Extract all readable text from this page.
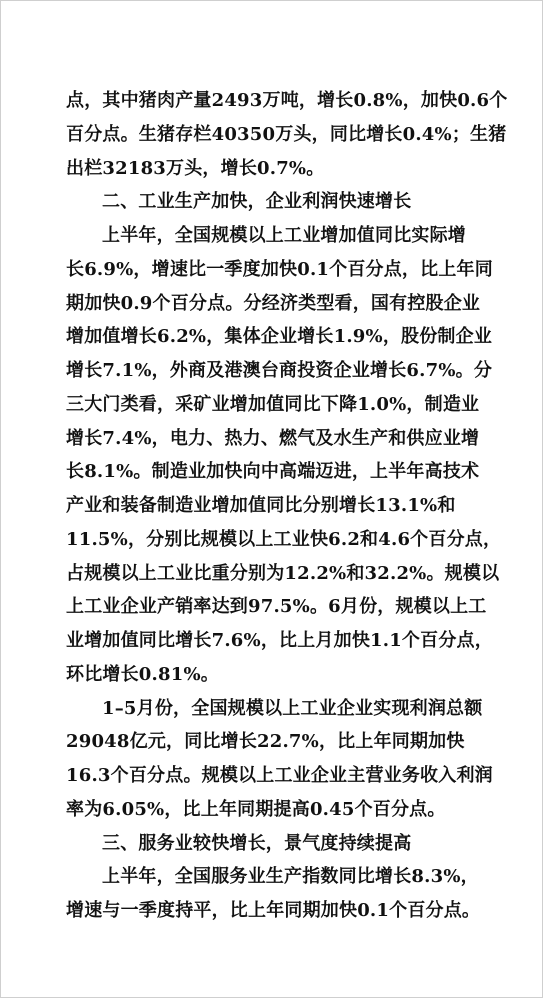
点，其中猪肉产量2493万吨，增长0.8%，加快0.6个
百分点。生猪存栏40350万头，同比增长0.4%；生猪
出栏32183万头，增长0.7%。
二、工业生产加快，企业利润快速增长
上半年，全国规模以上工业增加值同比实际增
长6.9%，增速比一季度加快0.1个百分点，比上年同
期加快0.9个百分点。分经济类型看，国有控股企业
增加值增长6.2%，集体企业增长1.9%，股份制企业
增长7.1%，外商及港澳台商投资企业增长6.7%。分
三大门类看，采矿业增加值同比下降1.0%，制造业
增长7.4%，电力、热力、燃气及水生产和供应业增
长8.1%。制造业加快向中高端迈进，上半年高技术
产业和装备制造业增加值同比分别增长13.1%和
11.5%，分别比规模以上工业快6.2和4.6个百分点，
占规模以上工业比重分别为12.2%和32.2%。规模以
上工业企业产销率达到97.5%。6月份，规模以上工
业增加值同比增长7.6%，比上月加快1.1个百分点，
环比增长0.81%。
1–5月份，全国规模以上工业企业实现利润总额
29048亿元，同比增长22.7%，比上年同期加快
16.3个百分点。规模以上工业企业主营业务收入利润
率为6.05%，比上年同期提高0.45个百分点。
三、服务业较快增长，景气度持续提高
上半年，全国服务业生产指数同比增长8.3%，
增速与一季度持平，比上年同期加快0.1个百分点。
